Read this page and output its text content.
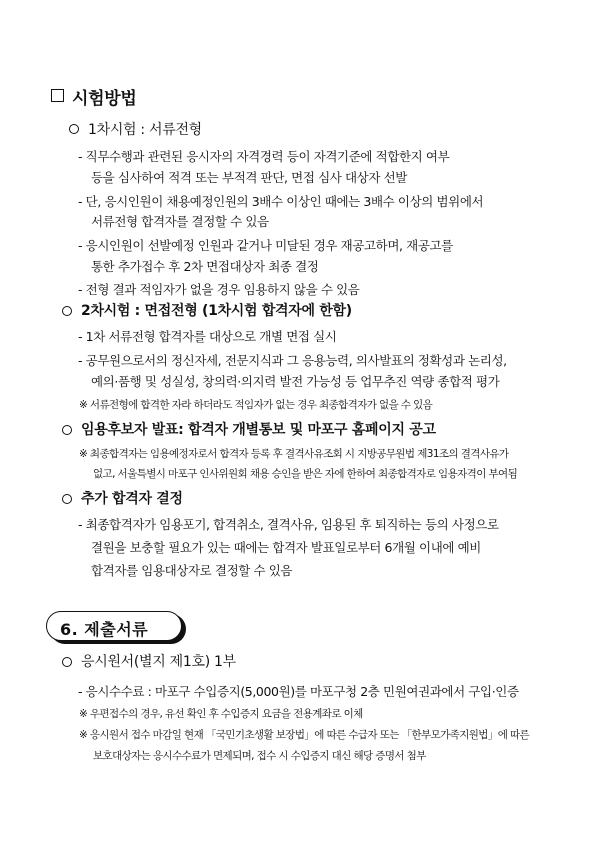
시험방법
1차시험 : 서류전형
- 직무수행과 관련된 응시자의 자격경력 등이 자격기준에 적합한지 여부
등을 심사하여 적격 또는 부적격 판단, 면접 심사 대상자 선발
- 단, 응시인원이 채용예정인원의 3배수 이상인 때에는 3배수 이상의 범위에서
서류전형 합격자를 결정할 수 있음
- 응시인원이 선발예정 인원과 같거나 미달된 경우 재공고하며, 재공고를
통한 추가접수 후 2차 면접대상자 최종 결정
- 전형 결과 적임자가 없을 경우 임용하지 않을 수 있음
2차시험 : 면접전형 (1차시험 합격자에 한함)
- 1차 서류전형 합격자를 대상으로 개별 면접 실시
- 공무원으로서의 정신자세, 전문지식과 그 응용능력, 의사발표의 정확성과 논리성,
예의·품행 및 성실성, 창의력·의지력 발전 가능성 등 업무추진 역량 종합적 평가
※ 서류전형에 합격한 자라 하더라도 적임자가 없는 경우 최종합격자가 없을 수 있음
임용후보자 발표: 합격자 개별통보 및 마포구 홈페이지 공고
※ 최종합격자는 임용예정자로서 합격자 등록 후 결격사유조회 시 지방공무원법 제31조의 결격사유가
없고, 서울특별시 마포구 인사위원회 채용 승인을 받은 자에 한하여 최종합격자로 임용자격이 부여됨
추가 합격자 결정
- 최종합격자가 임용포기, 합격취소, 결격사유, 임용된 후 퇴직하는 등의 사정으로
결원을 보충할 필요가 있는 때에는 합격자 발표일로부터 6개월 이내에 예비
합격자를 임용대상자로 결정할 수 있음
6. 제출서류
응시원서(별지 제1호) 1부
- 응시수수료 : 마포구 수입증지(5,000원)를 마포구청 2층 민원여권과에서 구입·인증
※ 우편접수의 경우, 유선 확인 후 수입증지 요금을 전용계좌로 이체
※ 응시원서 접수 마감일 현재 「국민기초생활 보장법」에 따른 수급자 또는 「한부모가족지원법」에 따른
보호대상자는 응시수수료가 면제되며, 접수 시 수입증지 대신 해당 증명서 첨부
